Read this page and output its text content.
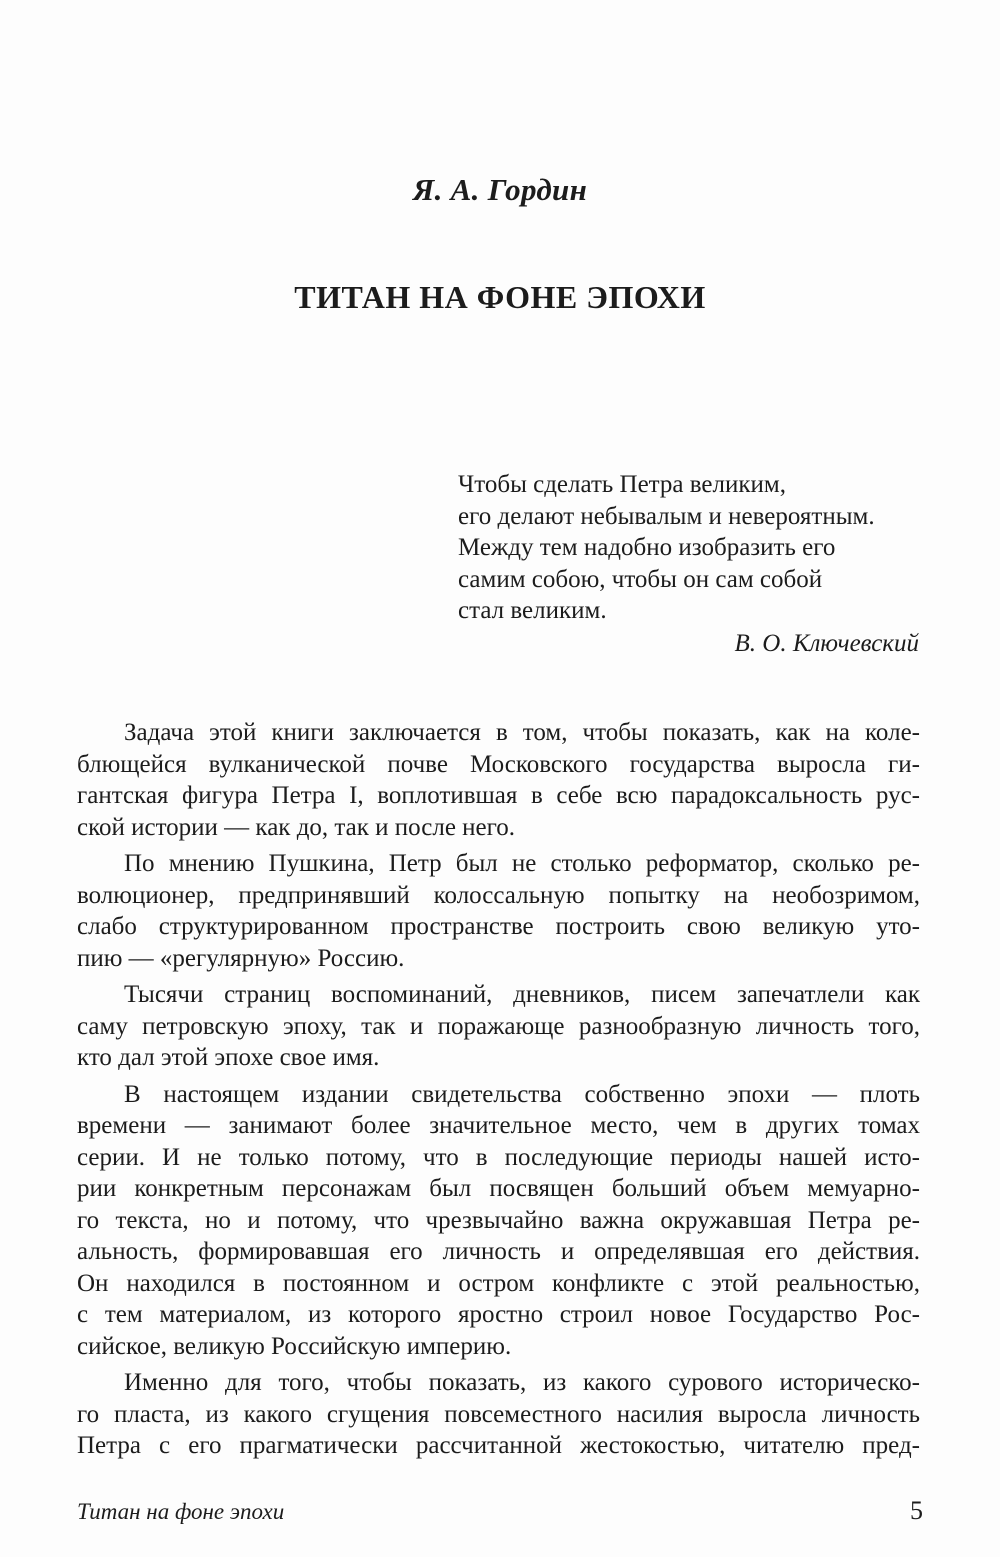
Я. А. Гордин
ТИТАН НА ФОНЕ ЭПОХИ
Чтобы сделать Петра великим,
его делают небывалым и невероятным.
Между тем надобно изобразить его
самим собою, чтобы он сам собой
стал великим.
В. О. Ключевский
Задача этой книги заключается в том, чтобы показать, как на коле-
блющейся вулканической почве Московского государства выросла ги-
гантская фигура Петра I, воплотившая в себе всю парадоксальность рус-
ской истории — как до, так и после него.
По мнению Пушкина, Петр был не столько реформатор, сколько ре-
волюционер, предпринявший колоссальную попытку на необозримом,
слабо структурированном пространстве построить свою великую уто-
пию — «регулярную» Россию.
Тысячи страниц воспоминаний, дневников, писем запечатлели как
саму петровскую эпоху, так и поражающе разнообразную личность того,
кто дал этой эпохе свое имя.
В настоящем издании свидетельства собственно эпохи — плоть
времени — занимают более значительное место, чем в других томах
серии. И не только потому, что в последующие периоды нашей исто-
рии конкретным персонажам был посвящен больший объем мемуарно-
го текста, но и потому, что чрезвычайно важна окружавшая Петра ре-
альность, формировавшая его личность и определявшая его действия.
Он находился в постоянном и остром конфликте с этой реальностью,
с тем материалом, из которого яростно строил новое Государство Рос-
сийское, великую Российскую империю.
Именно для того, чтобы показать, из какого сурового историческо-
го пласта, из какого сгущения повсеместного насилия выросла личность
Петра с его прагматически рассчитанной жестокостью, читателю пред-
Титан на фоне эпохи	5
